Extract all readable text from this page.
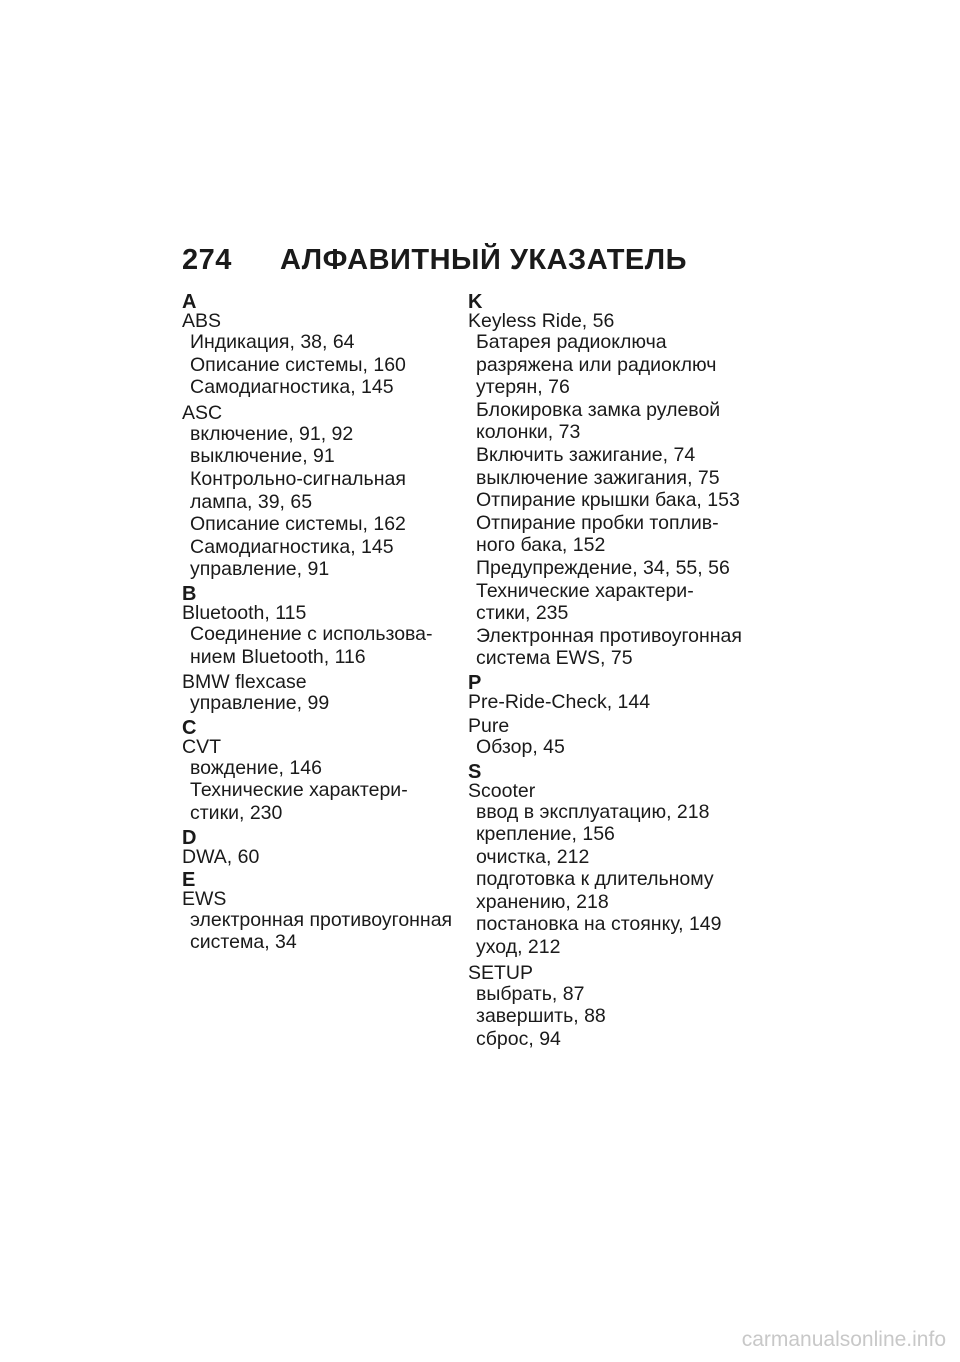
274 АЛФАВИТНЫЙ УКАЗАТЕЛЬ
A
ABS
Индикация, 38, 64
Описание системы, 160
Самодиагностика, 145
ASC
включение, 91, 92
выключение, 91
Контрольно-сигнальная
лампа, 39, 65
Описание системы, 162
Самодиагностика, 145
управление, 91
B
Bluetooth, 115
Соединение с использова-
нием Bluetooth, 116
BMW flexcase
управление, 99
C
CVT
вождение, 146
Технические характери-
стики, 230
D
DWA, 60
E
EWS
электронная противоугонная
система, 34
K
Keyless Ride, 56
Батарея радиоключа
разряжена или радиоключ
утерян, 76
Блокировка замка рулевой
колонки, 73
Включить зажигание, 74
выключение зажигания, 75
Отпирание крышки бака, 153
Отпирание пробки топлив-
ного бака, 152
Предупреждение, 34, 55, 56
Технические характери-
стики, 235
Электронная противоугонная
система EWS, 75
P
Pre-Ride-Check, 144
Pure
Обзор, 45
S
Scooter
ввод в эксплуатацию, 218
крепление, 156
очистка, 212
подготовка к длительному
хранению, 218
постановка на стоянку, 149
уход, 212
SETUP
выбрать, 87
завершить, 88
сброс, 94
carmanualsonline.info
